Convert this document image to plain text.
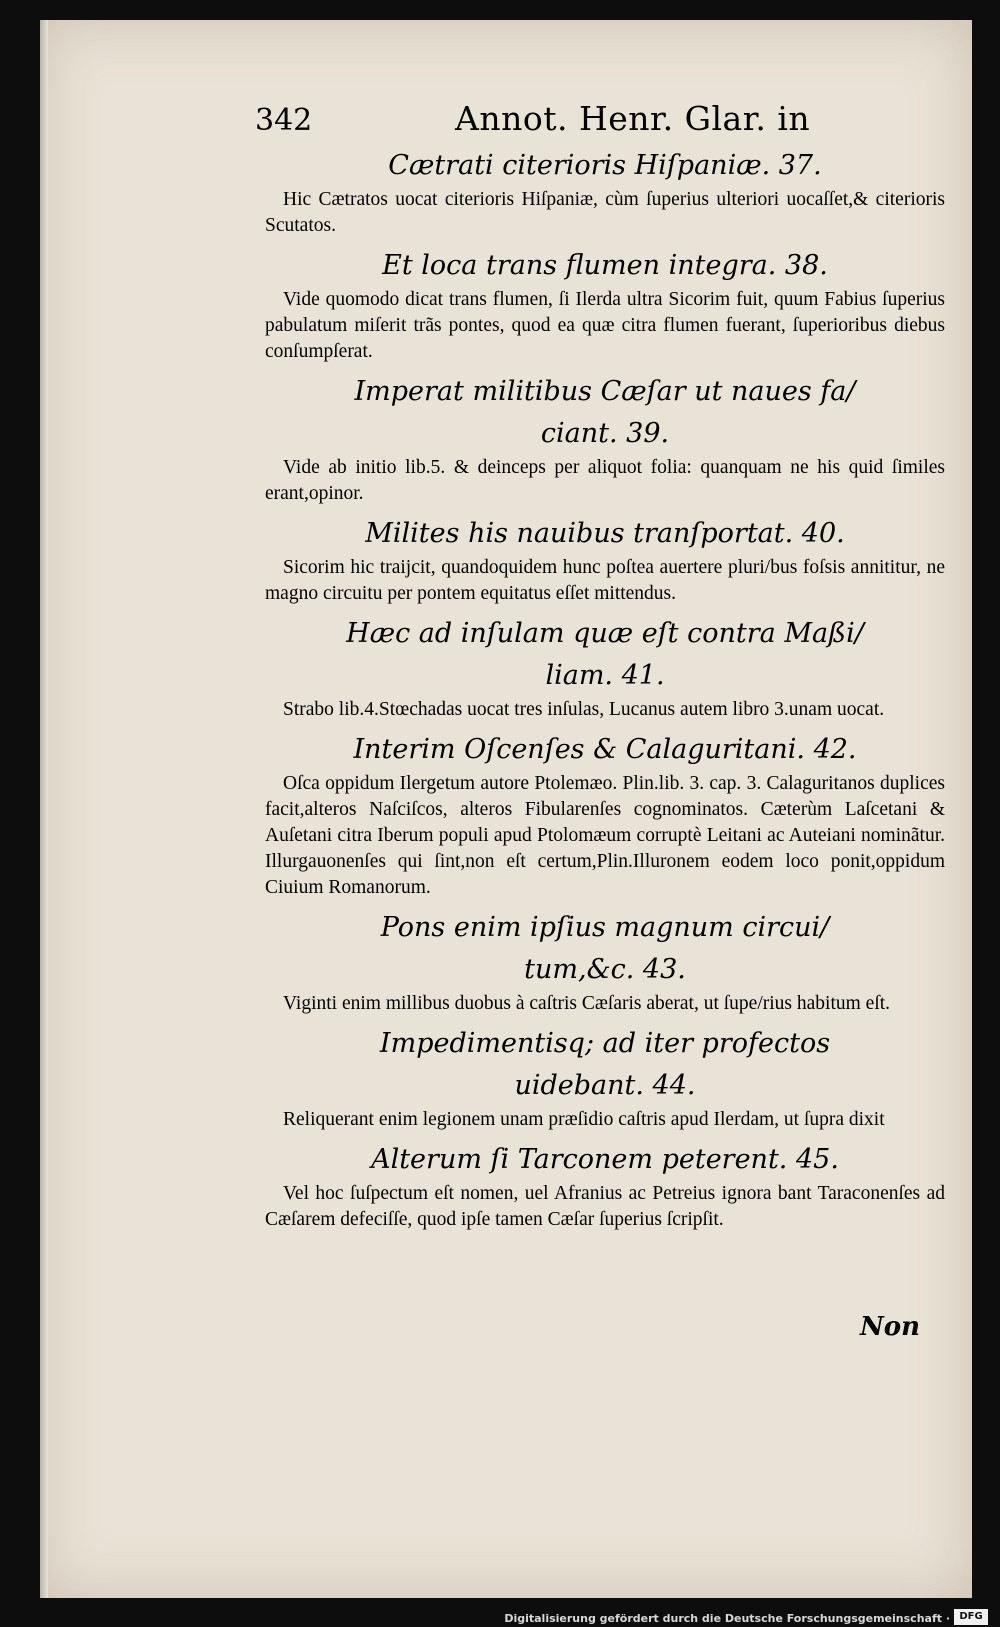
342	Annot. Henr. Glar. in
Cætrati citerioris Hiſpaniæ. 37.
Hic Cætratos uocat citerioris Hiſpaniæ, cùm ſuperius ulteriori uocaſſet,& citerioris Scutatos.
Et loca trans flumen integra. 38.
Vide quomodo dicat trans flumen, ſi Ilerda ultra Sicorim fuit, quum Fabius ſuperius pabulatum miſerit trãs pontes, quod ea quæ citra flumen fuerant, ſuperioribus diebus conſumpſerat.
Imperat militibus Cæſar ut naues fa/
ciant. 39.
Vide ab initio lib.5. & deinceps per aliquot folia: quanquam ne his quid ſimiles erant,opinor.
Milites his nauibus tranſportat. 40.
Sicorim hic traijcit, quandoquidem hunc poſtea auertere pluri/bus foſsis annititur, ne magno circuitu per pontem equitatus eſſet mittendus.
Hæc ad inſulam quæ eſt contra Maßi/
liam. 41.
Strabo lib.4.Stœchadas uocat tres inſulas, Lucanus autem libro 3.unam uocat.
Interim Oſcenſes & Calaguritani. 42.
Oſca oppidum Ilergetum autore Ptolemæo. Plin.lib. 3. cap. 3. Calaguritanos duplices facit,alteros Naſciſcos, alteros Fibularenſes cognominatos. Cæterùm Laſcetani & Auſetani citra Iberum populi apud Ptolomæum corruptè Leitani ac Auteiani nominãtur. Illurgauonenſes qui ſint,non eſt certum,Plin.Illuronem eodem loco ponit,oppidum Ciuium Romanorum.
Pons enim ipſius magnum circui/
tum,&c. 43.
Viginti enim millibus duobus à caſtris Cæſaris aberat, ut ſupe/rius habitum eſt.
Impedimentisq; ad iter profectos
uidebant. 44.
Reliquerant enim legionem unam præſidio caſtris apud Ilerdam, ut ſupra dixit
Alterum ſi Tarconem peterent. 45.
Vel hoc ſuſpectum eſt nomen, uel Afranius ac Petreius ignora bant Taraconenſes ad Cæſarem defeciſſe, quod ipſe tamen Cæſar ſuperius ſcripſit.
Non
Digitalisierung gefördert durch die Deutsche Forschungsgemeinschaft · DFG
